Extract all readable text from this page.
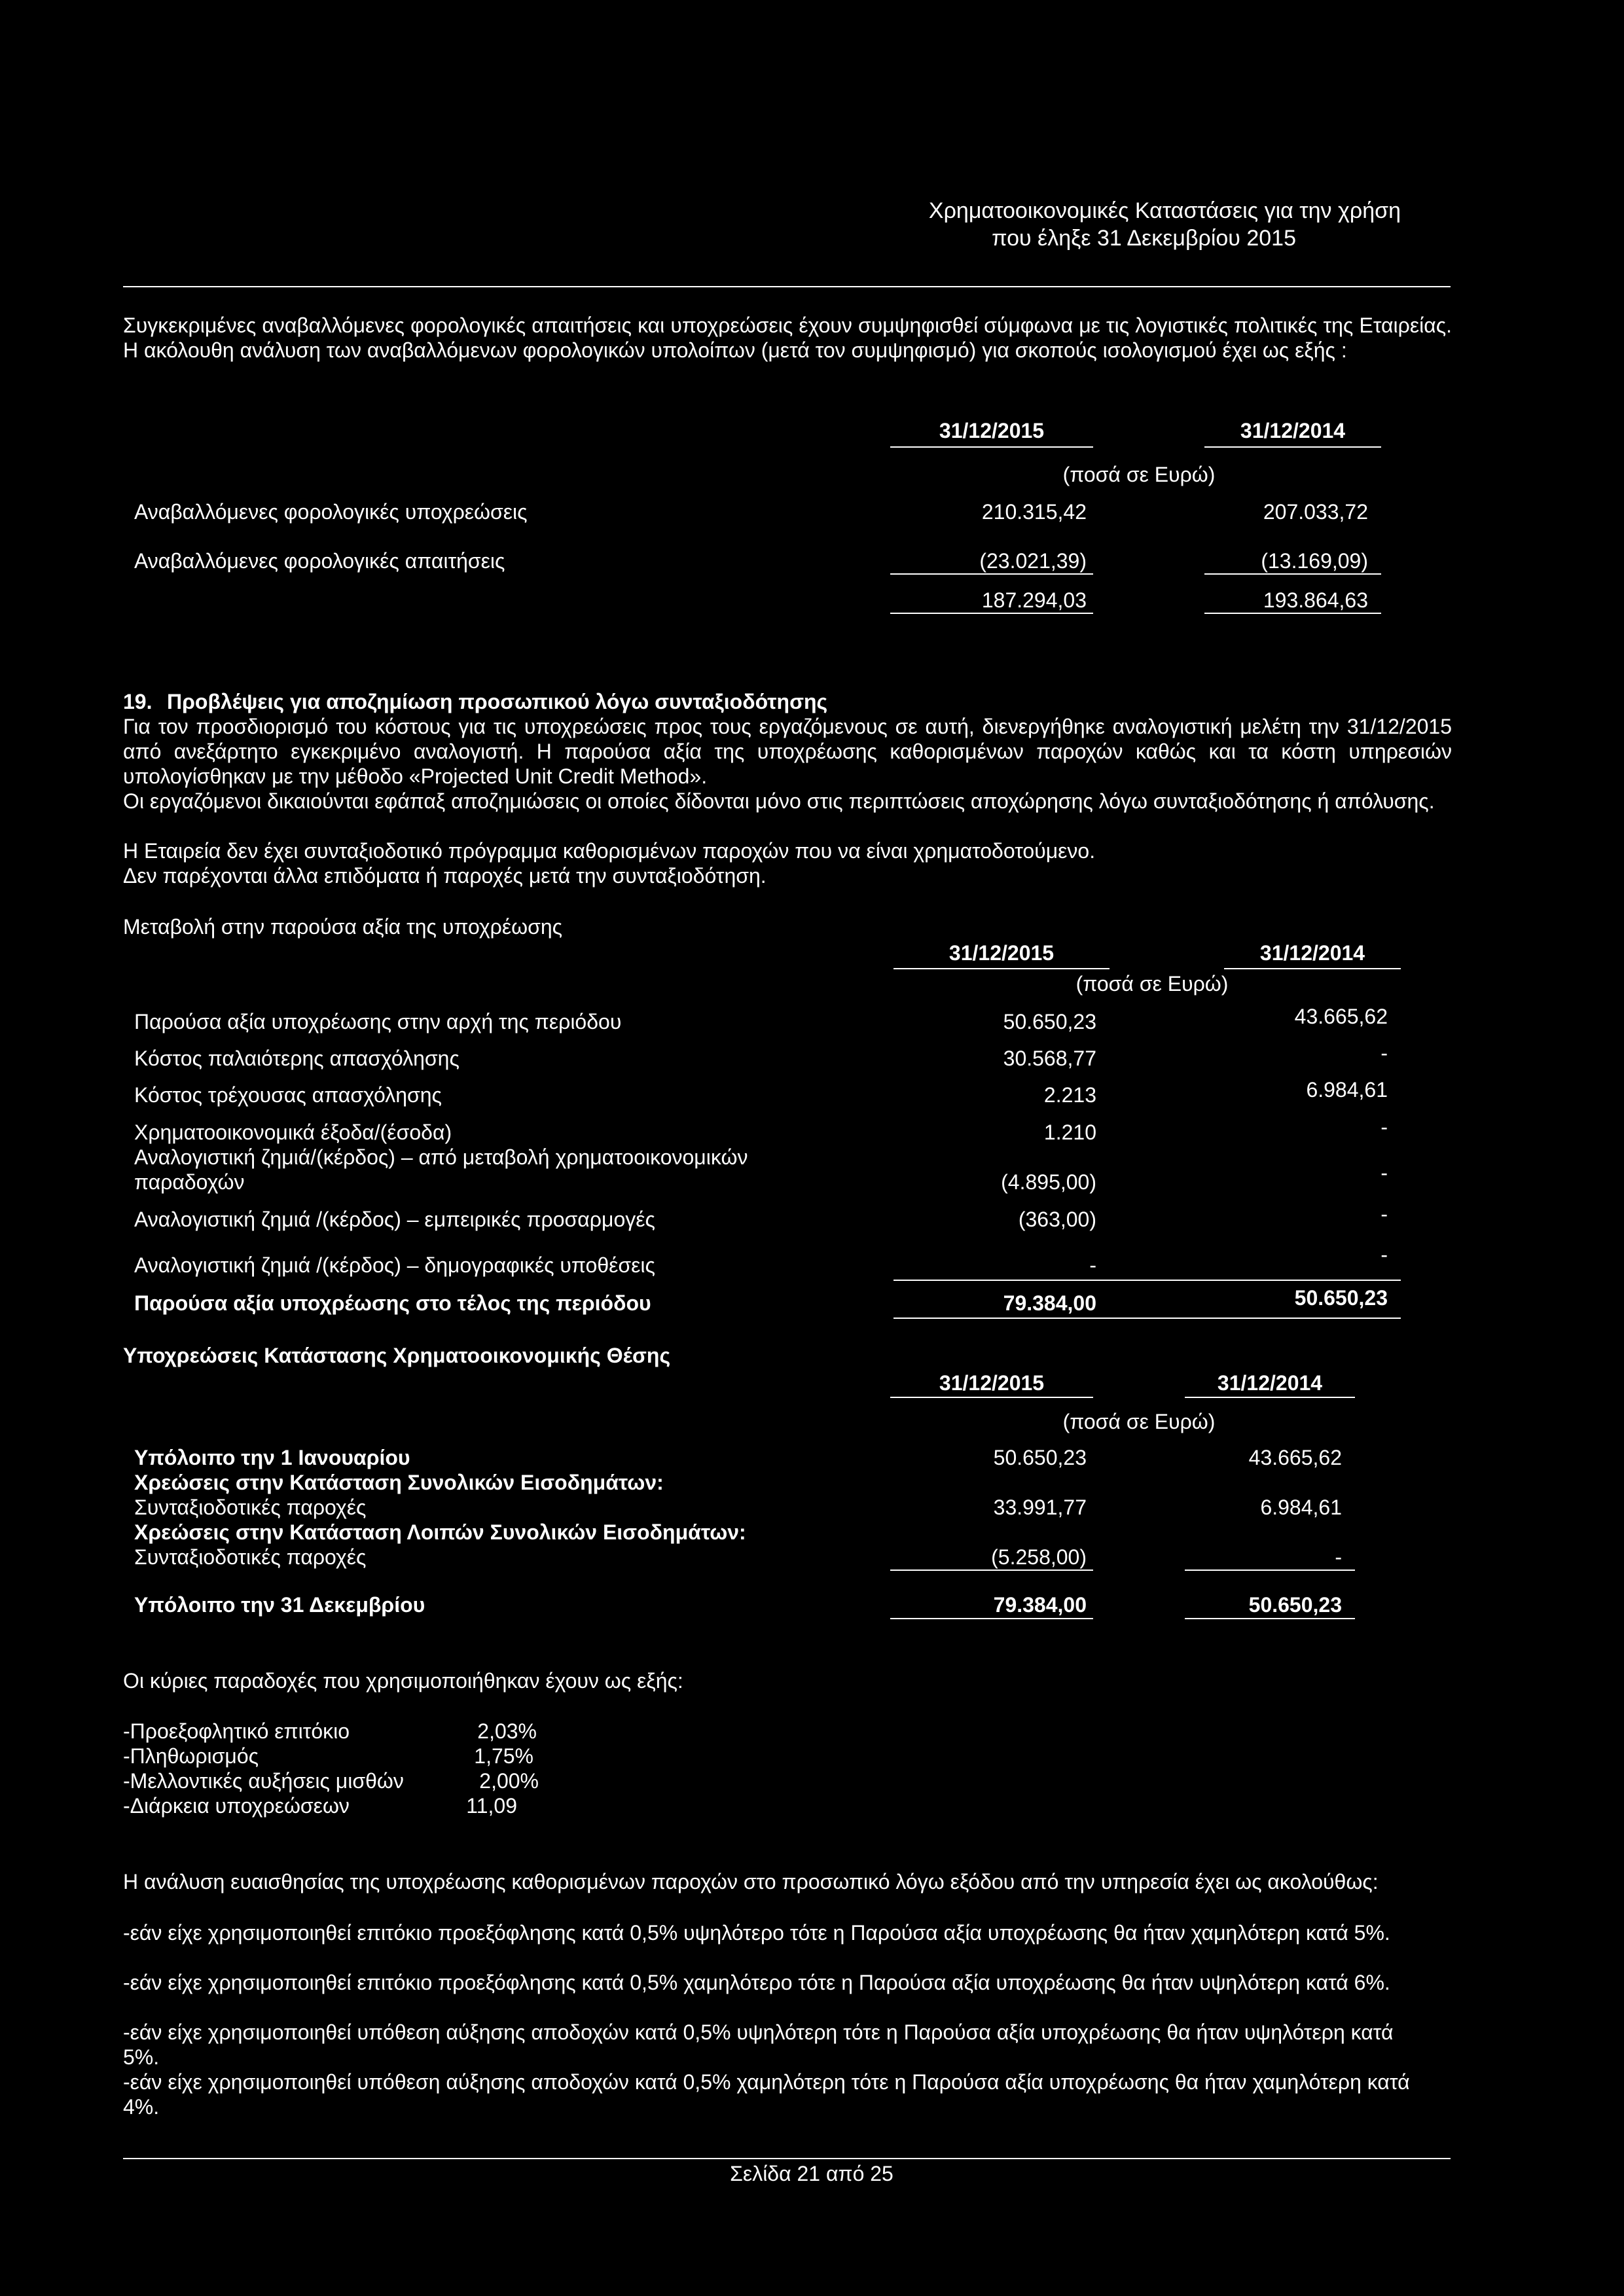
Χρηματοοικονομικές Καταστάσεις για την χρήση
που έληξε 31 Δεκεμβρίου 2015
Συγκεκριμένες αναβαλλόμενες φορολογικές απαιτήσεις και υποχρεώσεις έχουν συμψηφισθεί σύμφωνα με τις λογιστικές πολιτικές της Εταιρείας. Η ακόλουθη ανάλυση των αναβαλλόμενων φορολογικών υπολοίπων (μετά τον συμψηφισμό) για σκοπούς ισολογισμού έχει ως εξής :
31/12/2015	31/12/2014
(ποσά σε Ευρώ)
Αναβαλλόμενες φορολογικές υποχρεώσεις	210.315,42	207.033,72
Αναβαλλόμενες φορολογικές απαιτήσεις	(23.021,39)	(13.169,09)
187.294,03	193.864,63
19. Προβλέψεις για αποζημίωση προσωπικού λόγω συνταξιοδότησης
Για τον προσδιορισμό του κόστους για τις υποχρεώσεις προς τους εργαζόμενους σε αυτή, διενεργήθηκε αναλογιστική μελέτη την 31/12/2015 από ανεξάρτητο εγκεκριμένο αναλογιστή. Η παρούσα αξία της υποχρέωσης καθορισμένων παροχών καθώς και τα κόστη υπηρεσιών υπολογίσθηκαν με την μέθοδο «Projected Unit Credit Method».
Οι εργαζόμενοι δικαιούνται εφάπαξ αποζημιώσεις οι οποίες δίδονται μόνο στις περιπτώσεις αποχώρησης λόγω συνταξιοδότησης ή απόλυσης.
Η Εταιρεία δεν έχει συνταξιοδοτικό πρόγραμμα καθορισμένων παροχών που να είναι χρηματοδοτούμενο.
Δεν παρέχονται άλλα επιδόματα ή παροχές μετά την συνταξιοδότηση.
Μεταβολή στην παρούσα αξία της υποχρέωσης
31/12/2015	31/12/2014
(ποσά σε Ευρώ)
Παρούσα αξία υποχρέωσης στην αρχή της περιόδου	50.650,23	43.665,62
Κόστος παλαιότερης απασχόλησης	30.568,77	-
Κόστος τρέχουσας απασχόλησης	2.213	6.984,61
Χρηματοοικονομικά έξοδα/(έσοδα)	1.210	-
Αναλογιστική ζημιά/(κέρδος) – από μεταβολή χρηματοοικονομικών
παραδοχών	(4.895,00)	-
Αναλογιστική ζημιά /(κέρδος) – εμπειρικές προσαρμογές	(363,00)	-
Αναλογιστική ζημιά /(κέρδος) – δημογραφικές υποθέσεις	-	-
Παρούσα αξία υποχρέωσης στο τέλος της περιόδου	79.384,00	50.650,23
Υποχρεώσεις Κατάστασης Χρηματοοικονομικής Θέσης
31/12/2015	31/12/2014
(ποσά σε Ευρώ)
Υπόλοιπο την 1 Ιανουαρίου	50.650,23	43.665,62
Χρεώσεις στην Κατάσταση Συνολικών Εισοδημάτων:
Συνταξιοδοτικές παροχές	33.991,77	6.984,61
Χρεώσεις στην Κατάσταση Λοιπών Συνολικών Εισοδημάτων:
Συνταξιοδοτικές παροχές	(5.258,00)	-
Υπόλοιπο την 31 Δεκεμβρίου	79.384,00	50.650,23
Οι κύριες παραδοχές που χρησιμοποιήθηκαν έχουν ως εξής:
-Προεξοφλητικό επιτόκιο	2,03%
-Πληθωρισμός	1,75%
-Μελλοντικές αυξήσεις μισθών	2,00%
-Διάρκεια υποχρεώσεων	11,09
Η ανάλυση ευαισθησίας της υποχρέωσης καθορισμένων παροχών στο προσωπικό λόγω εξόδου από την υπηρεσία έχει ως ακολούθως:
-εάν είχε χρησιμοποιηθεί επιτόκιο προεξόφλησης κατά 0,5% υψηλότερο τότε η Παρούσα αξία υποχρέωσης θα ήταν χαμηλότερη κατά 5%.
-εάν είχε χρησιμοποιηθεί επιτόκιο προεξόφλησης κατά 0,5% χαμηλότερο τότε η Παρούσα αξία υποχρέωσης θα ήταν υψηλότερη κατά 6%.
-εάν είχε χρησιμοποιηθεί υπόθεση αύξησης αποδοχών κατά 0,5% υψηλότερη τότε η Παρούσα αξία υποχρέωσης θα ήταν υψηλότερη κατά 5%.
-εάν είχε χρησιμοποιηθεί υπόθεση αύξησης αποδοχών κατά 0,5% χαμηλότερη τότε η Παρούσα αξία υποχρέωσης θα ήταν χαμηλότερη κατά 4%.
Σελίδα 21 από 25
